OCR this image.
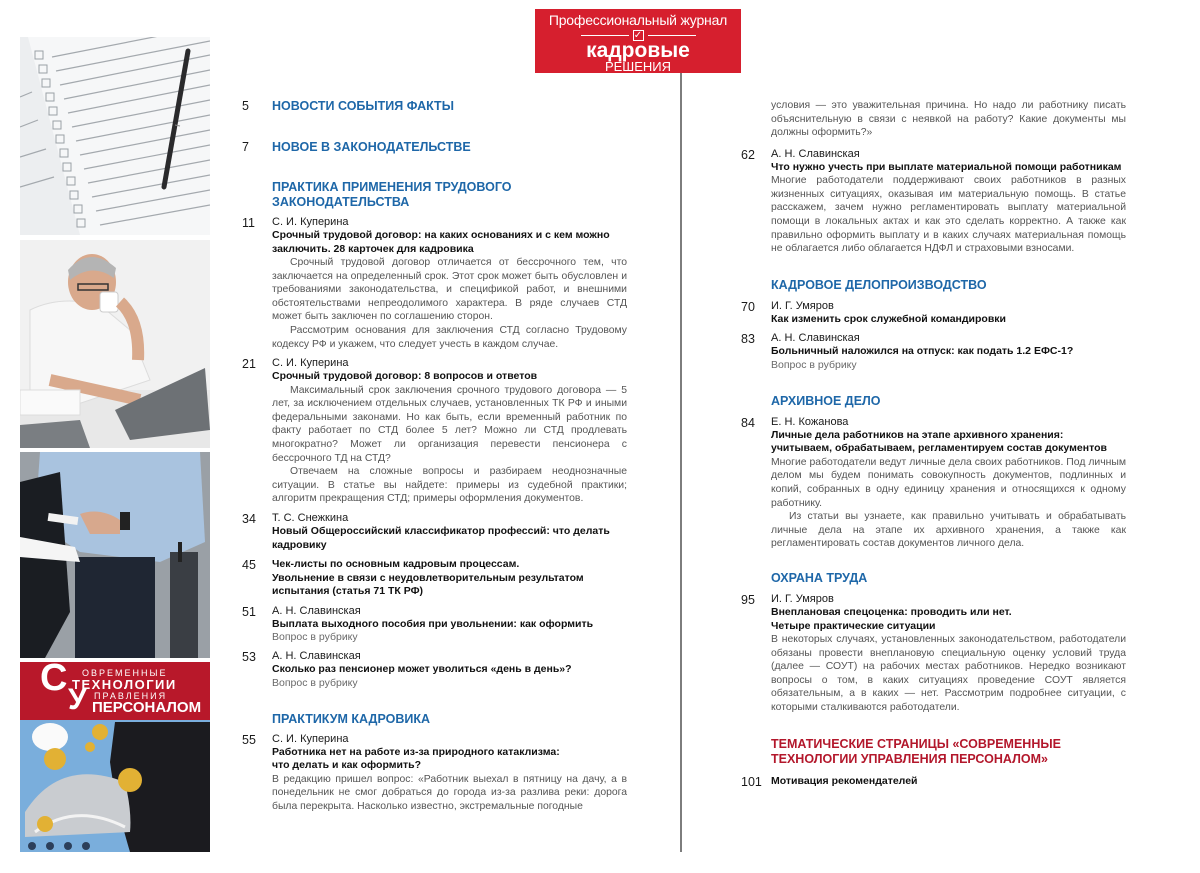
С
У
ОВРЕМЕННЫЕ
ТЕХНОЛОГИИ
ПРАВЛЕНИЯ
ПЕРСОНАЛОМ
Профессиональный журнал
✓
кадровые
РЕШЕНИЯ
5	НОВОСТИ СОБЫТИЯ ФАКТЫ
7	НОВОЕ В ЗАКОНОДАТЕЛЬСТВЕ
ПРАКТИКА ПРИМЕНЕНИЯ ТРУДОВОГО
ЗАКОНОДАТЕЛЬСТВА
11	С. И. Куперина
Срочный трудовой договор: на каких основаниях и с кем можно заключить. 28 карточек для кадровика

Срочный трудовой договор отличается от бессрочного тем, что заключается на определенный срок. Этот срок может быть обусловлен и требованиями законодательства, и спецификой работ, и внешними обстоятельствами непреодолимого характера. В ряде случаев СТД может быть заключен по соглашению сторон.

Рассмотрим основания для заключения СТД согласно Трудовому кодексу РФ и укажем, что следует учесть в каждом случае.

21	С. И. Куперина
Срочный трудовой договор: 8 вопросов и ответов

Максимальный срок заключения срочного трудового договора — 5 лет, за исключением отдельных случаев, установленных ТК РФ и иными федеральными законами. Но как быть, если временный работник по факту работает по СТД более 5 лет? Можно ли СТД продлевать многократно? Может ли организация перевести пенсионера с бессрочного ТД на СТД?

Отвечаем на сложные вопросы и разбираем неоднозначные ситуации. В статье вы найдете: примеры из судебной практики; алгоритм прекращения СТД; примеры оформления документов.

34	Т. С. Снежкина
Новый Общероссийский классификатор профессий: что делать кадровику
45	Чек-листы по основным кадровым процессам.
Увольнение в связи с неудовлетворительным результатом испытания (статья 71 ТК РФ)
51	А. Н. Славинская
Выплата выходного пособия при увольнении: как оформить
Вопрос в рубрику
53	А. Н. Славинская
Сколько раз пенсионер может уволиться «день в день»?
Вопрос в рубрику
ПРАКТИКУМ КАДРОВИКА
55	С. И. Куперина
Работника нет на работе из-за природного катаклизма:
что делать и как оформить?
В редакцию пришел вопрос: «Работник выехал в пятницу на дачу, а в понедельник не смог добраться до города из-за разлива реки: дорога была перекрыта. Насколько известно, экстремальные погодные
условия — это уважительная причина. Но надо ли работнику писать объяснительную в связи с неявкой на работу? Какие документы мы должны оформить?»
62	А. Н. Славинская
Что нужно учесть при выплате материальной помощи работникам
Многие работодатели поддерживают своих работников в разных жизненных ситуациях, оказывая им материальную помощь. В статье расскажем, зачем нужно регламентировать выплату материальной помощи в локальных актах и как это сделать корректно. А также как правильно оформить выплату и в каких случаях материальная помощь не облагается либо облагается НДФЛ и страховыми взносами.
КАДРОВОЕ ДЕЛОПРОИЗВОДСТВО
70	И. Г. Умяров
Как изменить срок служебной командировки
83	А. Н. Славинская
Больничный наложился на отпуск: как подать 1.2 ЕФС-1?
Вопрос в рубрику
АРХИВНОЕ ДЕЛО
84	Е. Н. Кожанова
Личные дела работников на этапе архивного хранения: учитываем, обрабатываем, регламентируем состав документов

Многие работодатели ведут личные дела своих работников. Под личным делом мы будем понимать совокупность документов, подлинных и копий, собранных в одну единицу хранения и относящихся к одному работнику.

Из статьи вы узнаете, как правильно учитывать и обрабатывать личные дела на этапе их архивного хранения, а также как регламентировать состав документов личного дела.

ОХРАНА ТРУДА
95	И. Г. Умяров
Внеплановая спецоценка: проводить или нет.
Четыре практические ситуации
В некоторых случаях, установленных законодательством, работодатели обязаны провести внеплановую специальную оценку условий труда (далее — СОУТ) на рабочих местах работников. Нередко возникают вопросы о том, в каких ситуациях проведение СОУТ является обязательным, а в каких — нет. Рассмотрим подробнее ситуации, с которыми сталкиваются работодатели.
ТЕМАТИЧЕСКИЕ СТРАНИЦЫ «СОВРЕМЕННЫЕ
ТЕХНОЛОГИИ УПРАВЛЕНИЯ ПЕРСОНАЛОМ»
101 Мотивация рекомендателей
